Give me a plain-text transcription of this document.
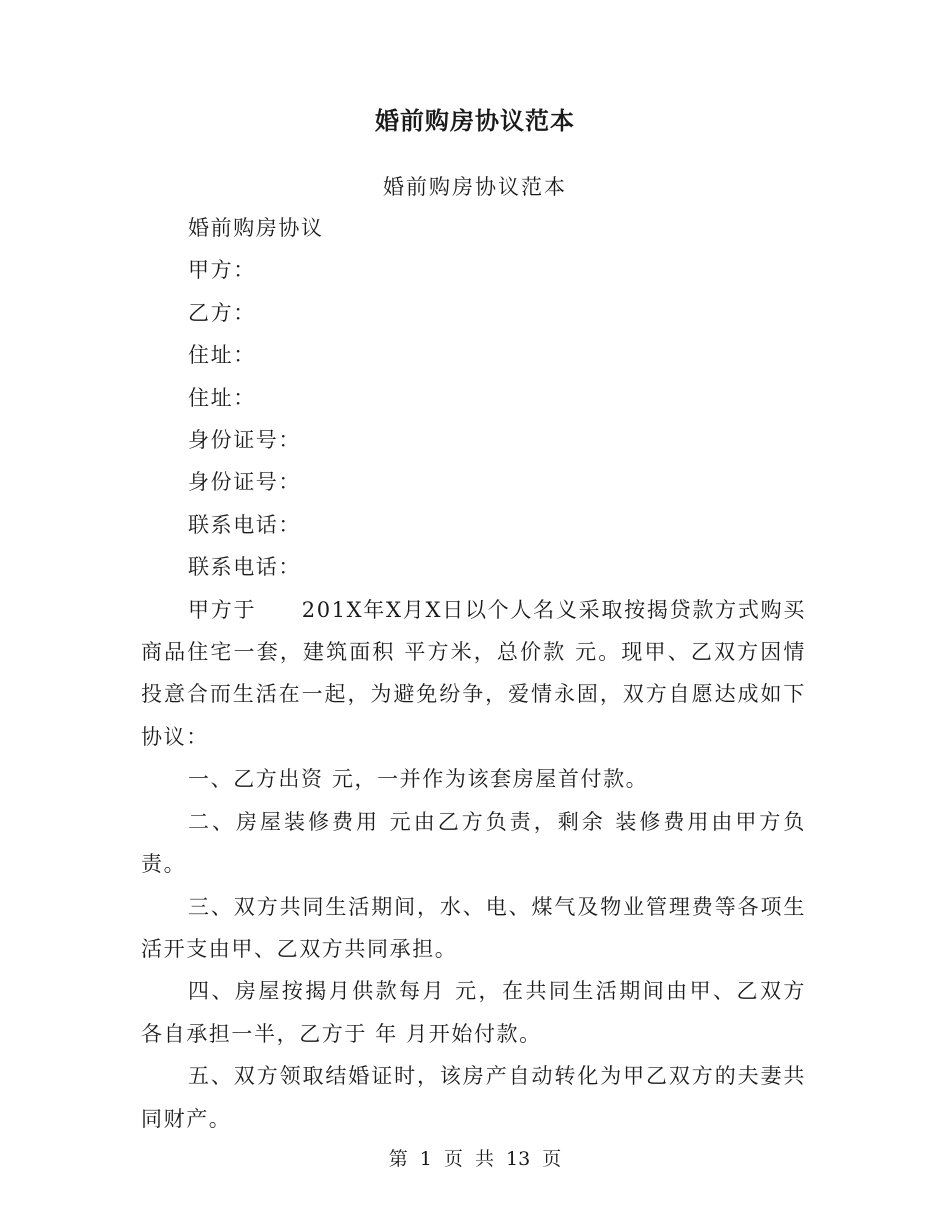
婚前购房协议范本
婚前购房协议范本

婚前购房协议

甲方：

乙方：

住址：

住址：

身份证号：

身份证号：

联系电话：

联系电话：

甲方于　　201X年X月X日以个人名义采取按揭贷款方式购买商品住宅一套，建筑面积 平方米，总价款 元。现甲、乙双方因情投意合而生活在一起，为避免纷争，爱情永固，双方自愿达成如下协议：

一、乙方出资 元，一并作为该套房屋首付款。

二、房屋装修费用 元由乙方负责，剩余 装修费用由甲方负责。

三、双方共同生活期间，水、电、煤气及物业管理费等各项生活开支由甲、乙双方共同承担。

四、房屋按揭月供款每月 元，在共同生活期间由甲、乙双方各自承担一半，乙方于 年 月开始付款。

五、双方领取结婚证时，该房产自动转化为甲乙双方的夫妻共同财产。

第 1 页 共 13 页
